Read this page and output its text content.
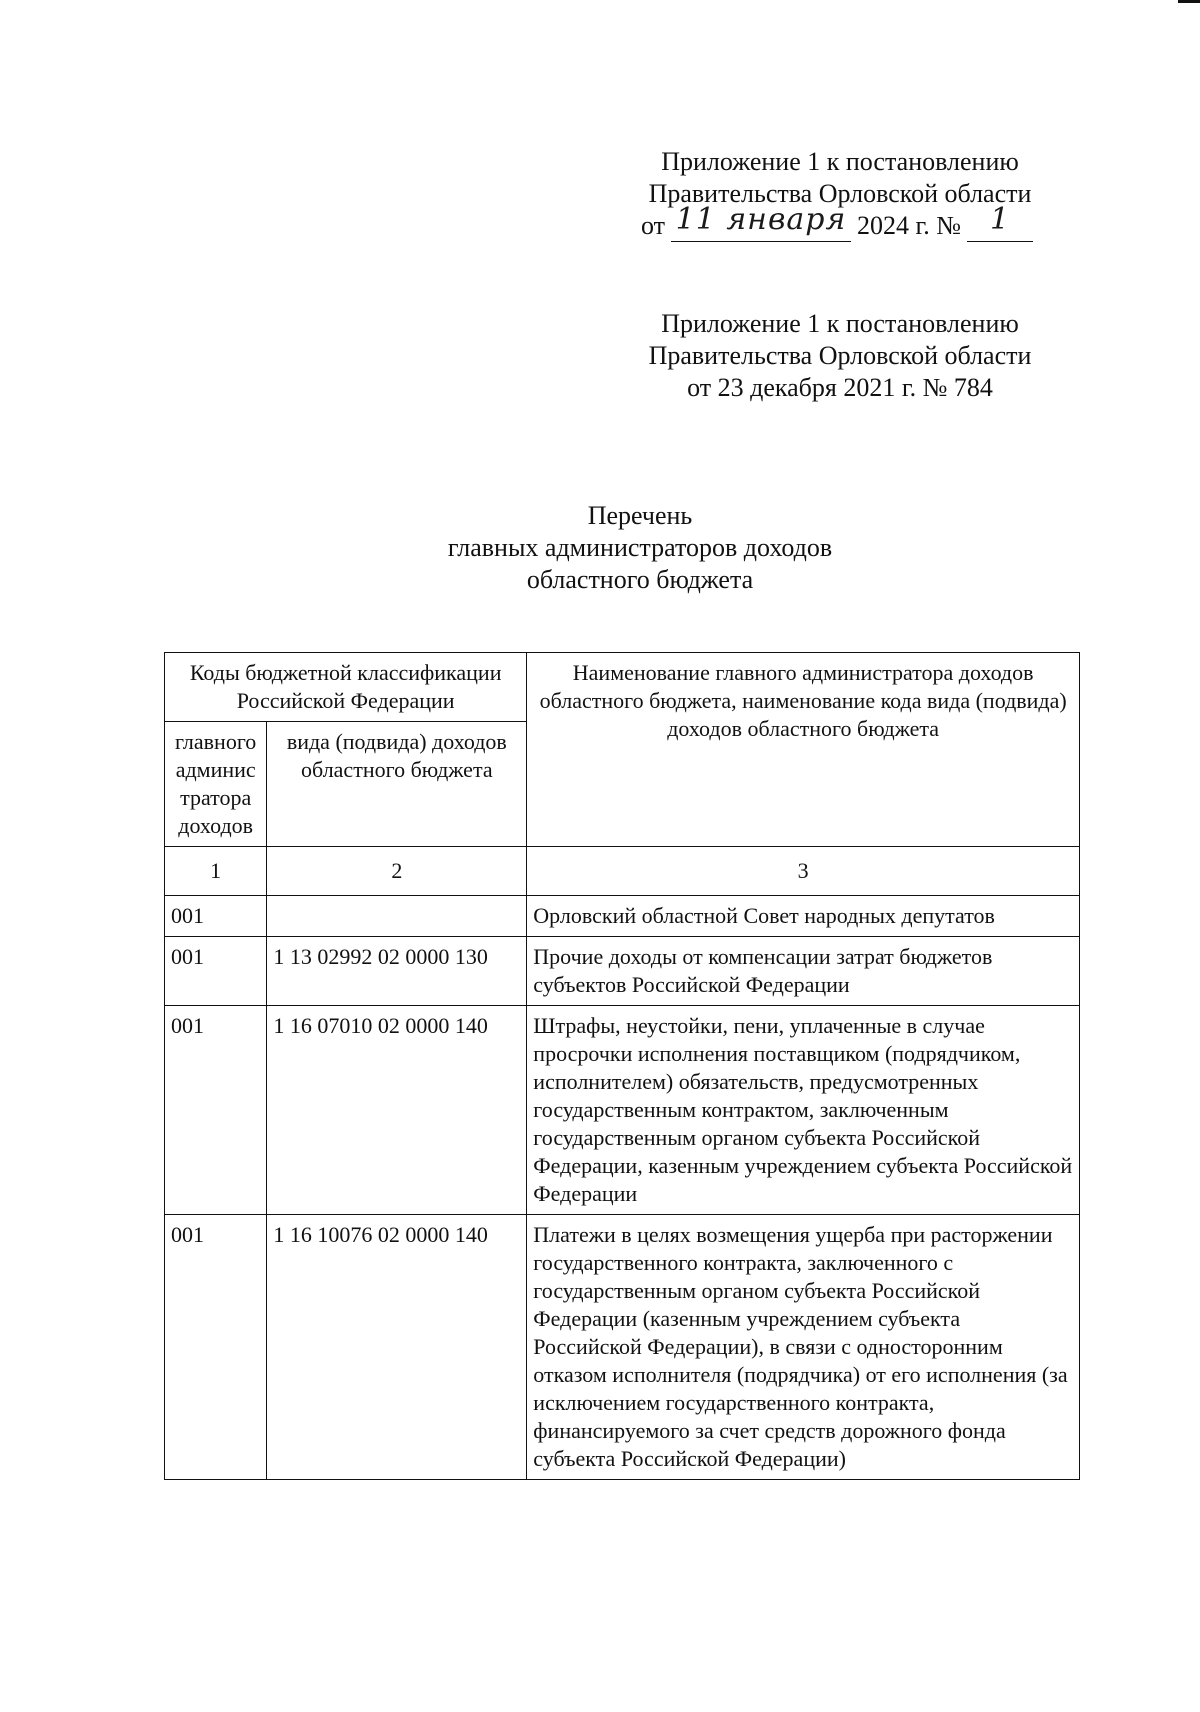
Приложение 1 к постановлению
Правительства Орловской области
от 11 января 2024 г. № 1
Приложение 1 к постановлению
Правительства Орловской области
от 23 декабря 2021 г. № 784
Перечень
главных администраторов доходов
областного бюджета
Коды бюджетной классификации Российской Федерации		Наименование главного администратора доходов областного бюджета, наименование кода вида (подвида) доходов областного бюджета
главного админис тратора доходов	вида (подвида) доходов областного бюджета	
1	2	3
001		Орловский областной Совет народных депутатов
001	1 13 02992 02 0000 130	Прочие доходы от компенсации затрат бюджетов субъектов Российской Федерации
001	1 16 07010 02 0000 140	Штрафы, неустойки, пени, уплаченные в случае просрочки исполнения поставщиком (подрядчиком, исполнителем) обязательств, предусмотренных государственным контрактом, заключенным государственным органом субъекта Российской Федерации, казенным учреждением субъекта Российской Федерации
001	1 16 10076 02 0000 140	Платежи в целях возмещения ущерба при расторжении государственного контракта, заключенного с государственным органом субъекта Российской Федерации (казенным учреждением субъекта Российской Федерации), в связи с односторонним отказом исполнителя (подрядчика) от его исполнения (за исключением государственного контракта, финансируемого за счет средств дорожного фонда субъекта Российской Федерации)
